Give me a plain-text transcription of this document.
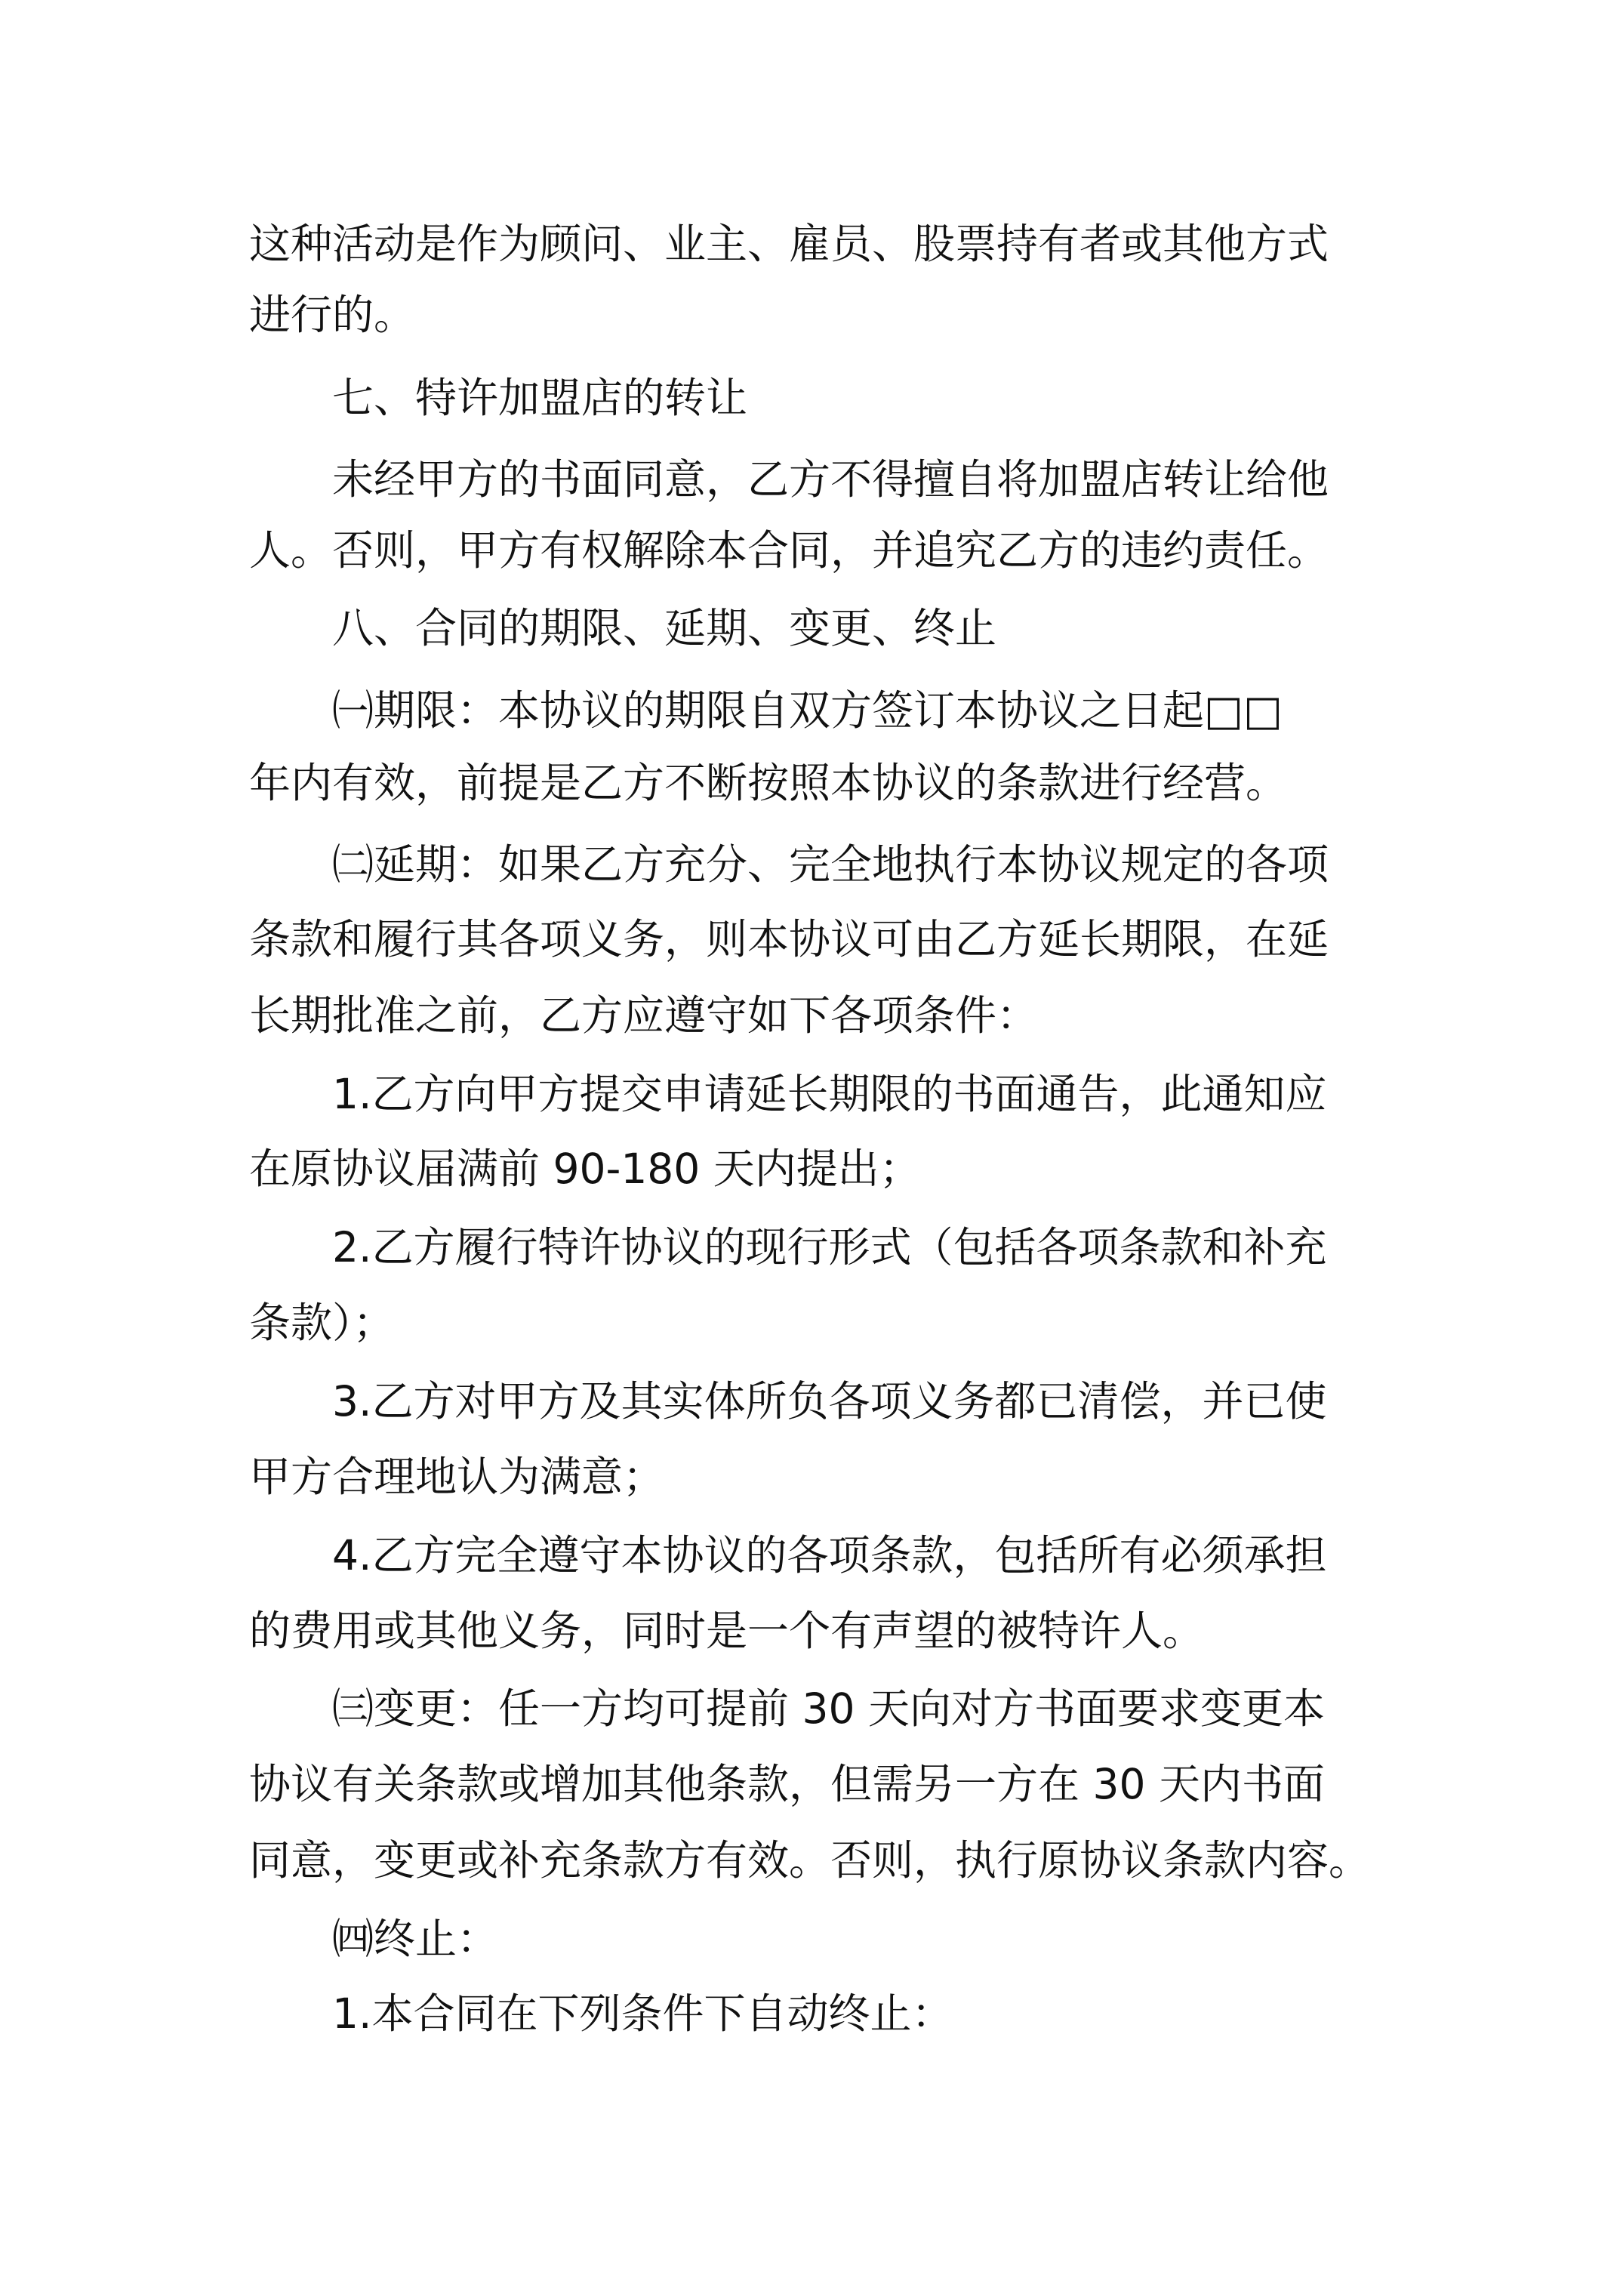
这种活动是作为顾问、业主、雇员、股票持有者或其他方式
进行的。
七、特许加盟店的转让
未经甲方的书面同意，乙方不得擅自将加盟店转让给他
人。否则，甲方有权解除本合同，并追究乙方的违约责任。
八、合同的期限、延期、变更、终止
㈠期限：本协议的期限自双方签订本协议之日起□□
年内有效，前提是乙方不断按照本协议的条款进行经营。
㈡延期：如果乙方充分、完全地执行本协议规定的各项
条款和履行其各项义务，则本协议可由乙方延长期限，在延
长期批准之前，乙方应遵守如下各项条件：
1.乙方向甲方提交申请延长期限的书面通告，此通知应
在原协议届满前 90-180 天内提出；
2.乙方履行特许协议的现行形式（包括各项条款和补充
条款）；
3.乙方对甲方及其实体所负各项义务都已清偿，并已使
甲方合理地认为满意；
4.乙方完全遵守本协议的各项条款，包括所有必须承担
的费用或其他义务，同时是一个有声望的被特许人。
㈢变更：任一方均可提前 30 天向对方书面要求变更本
协议有关条款或增加其他条款，但需另一方在 30 天内书面
同意，变更或补充条款方有效。否则，执行原协议条款内容。
㈣终止：
1.本合同在下列条件下自动终止：
